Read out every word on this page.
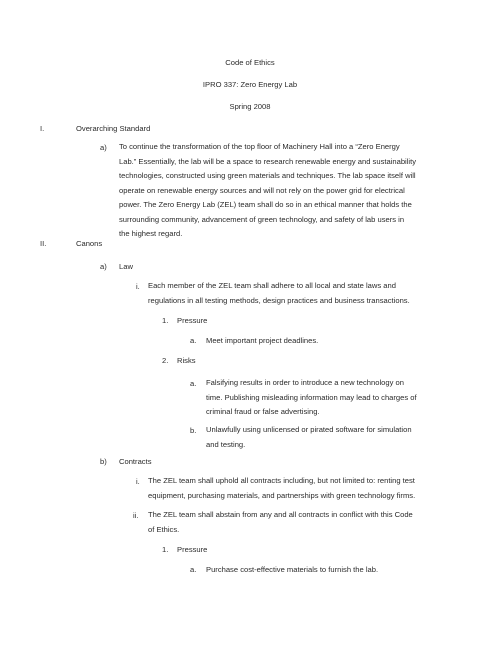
Code of Ethics
IPRO 337: Zero Energy Lab
Spring 2008
I.	Overarching Standard
a) To continue the transformation of the top floor of Machinery Hall into a “Zero Energy
Lab.” Essentially, the lab will be a space to research renewable energy and sustainability
technologies, constructed using green materials and techniques. The lab space itself will
operate on renewable energy sources and will not rely on the power grid for electrical
power. The Zero Energy Lab (ZEL) team shall do so in an ethical manner that holds the
surrounding community, advancement of green technology, and safety of lab users in
the highest regard.
II.	Canons
a) Law
i. Each member of the ZEL team shall adhere to all local and state laws and
regulations in all testing methods, design practices and business transactions.
1. Pressure
a. Meet important project deadlines.
2. Risks
a. Falsifying results in order to introduce a new technology on
time. Publishing misleading information may lead to charges of
criminal fraud or false advertising.
b. Unlawfully using unlicensed or pirated software for simulation
and testing.
b) Contracts
i. The ZEL team shall uphold all contracts including, but not limited to: renting test
equipment, purchasing materials, and partnerships with green technology firms.
ii. The ZEL team shall abstain from any and all contracts in conflict with this Code
of Ethics.
1. Pressure
a. Purchase cost-effective materials to furnish the lab.
